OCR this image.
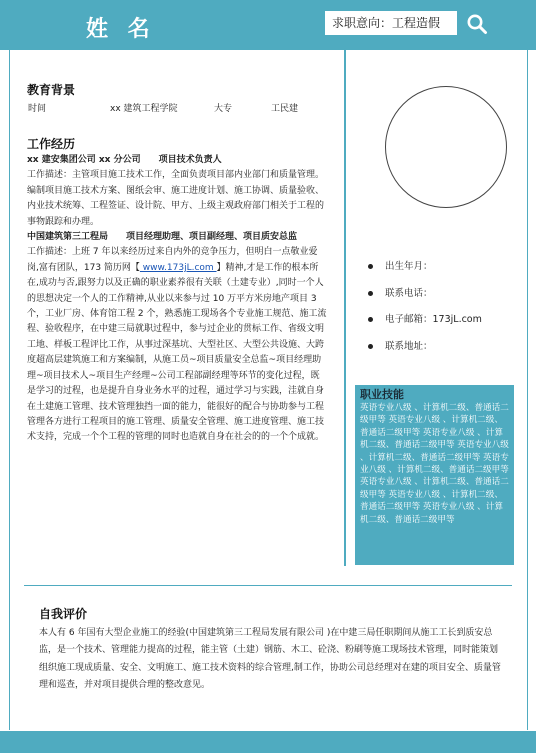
姓 名	求职意向：工程造假
教育背景
时间	xx 建筑工程学院	大专	工民建
工作经历
xx 建安集团公司 xx 分公司　　项目技术负责人
工作描述：主管项目施工技术工作，全面负责项目部内业部门和质量管理。编制项目施工技术方案、图纸会审、施工进度计划、施工协调、质量验收、内业技术统筹、工程签证、设计院、甲方、上级主观政府部门相关于工程的事物跟踪和办理。
中国建筑第三工程局　　项目经理助理、项目副经理、项目质安总监
工作描述：上班 7 年以来经历过来自内外的竞争压力，但明白一点敬业爱岗,富有团队，173 简历网【 www.173jL.com 】精神,才是工作的根本所在,成功与否,跟努力以及正确的职业素养很有关联（土建专业）,同时一个人的思想决定一个人的工作精神,从业以来参与过 10 万平方米房地产项目 3 个，工业厂房、体育馆工程 2 个，熟悉施工现场各个专业施工规范、施工流程、验收程序，在中建三局就职过程中，参与过企业的贯标工作、省级文明工地、样板工程评比工作，从事过深基坑、大型社区、大型公共设施、大跨度超高层建筑施工和方案编制，从施工员~项目质量安全总监~项目经理助理~项目技术人~项目生产经理~公司工程部副经理等环节的变化过程，既是学习的过程，也是提升自身业务水平的过程，通过学习与实践，洼就自身在土建施工管理、技术管理独挡一面的能力，能很好的配合与协助参与工程管理各方进行工程项目的施工管理、质量安全管理、施工进度管理、施工技术支持，完成一个个工程的管理的同时也造就自身在社会的的一个个成就。
出生年月：
联系电话：
电子邮箱：173jL.com
联系地址：
职业技能
英语专业八级 、计算机二级、普通话二级甲等 英语专业八级 、计算机二级、普通话二级甲等 英语专业八级 、计算机二级、普通话二级甲等 英语专业八级 、计算机二级、普通话二级甲等 英语专业八级 、计算机二级、普通话二级甲等 英语专业八级 、计算机二级、普通话二级甲等 英语专业八级 、计算机二级、普通话二级甲等 英语专业八级 、计算机二级、普通话二级甲等
自我评价
本人有 6 年国有大型企业施工的经验(中国建筑第三工程局发展有限公司 )在中建三局任职期间从施工工长到质安总监，是一个技术、管理能力提高的过程，能主管（土建）钢筋、木工、砼浇、粉刷等施工现场技术管理，同时能策划组织施工现成质量、安全、文明施工、施工技术资料的综合管理,制工作，协助公司总经理对在建的项目安全、质量管理和巡查，并对项目提供合理的整改意见。
